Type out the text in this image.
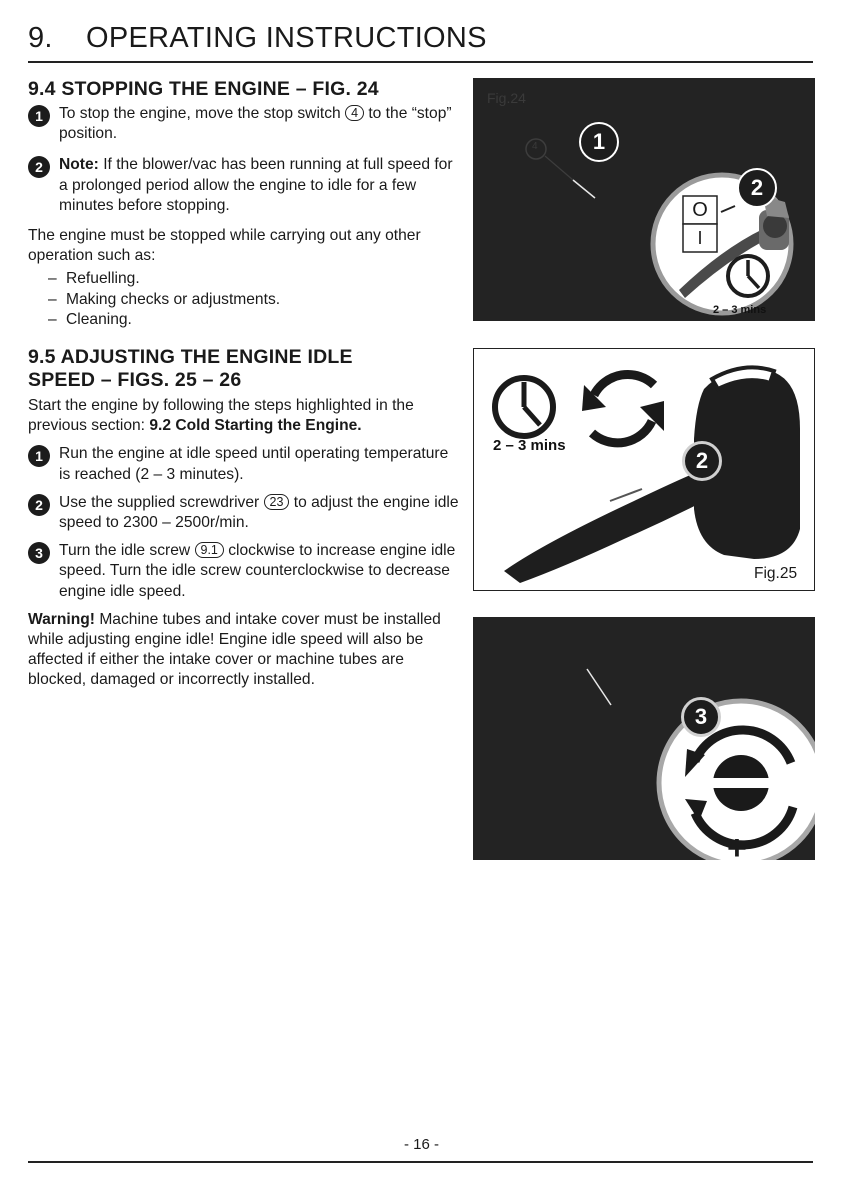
9. OPERATING INSTRUCTIONS
9.4 STOPPING THE ENGINE – FIG. 24
1	To stop the engine, move the stop switch 4 to the “stop” position.
2	Note: If the blower/vac has been running at full speed for a prolonged period allow the engine to idle for a few minutes before stopping.

The engine must be stopped while carrying out any other operation such as:

– Refuelling.
– Making checks or adjustments.
– Cleaning.
9.5 ADJUSTING THE ENGINE IDLE
SPEED – FIGS. 25 – 26

Start the engine by following the steps highlighted in the previous section: 9.2 Cold Starting the Engine.

1	Run the engine at idle speed until operating temperature is reached (2 – 3 minutes).
2	Use the supplied screwdriver 23 to adjust the engine idle speed to 2300 – 2500r/min.
3	Turn the idle screw 9.1 clockwise to increase engine idle speed. Turn the idle screw counterclockwise to decrease engine idle speed.

Warning! Machine tubes and intake cover must be installed while adjusting engine idle! Engine idle speed will also be affected if either the intake cover or machine tubes are blocked, damaged or incorrectly installed.

Fig.24
4	1
2
O
I
2 – 3 mins
2 – 3 mins
2
Fig.25
3 –
+
- 16 -
